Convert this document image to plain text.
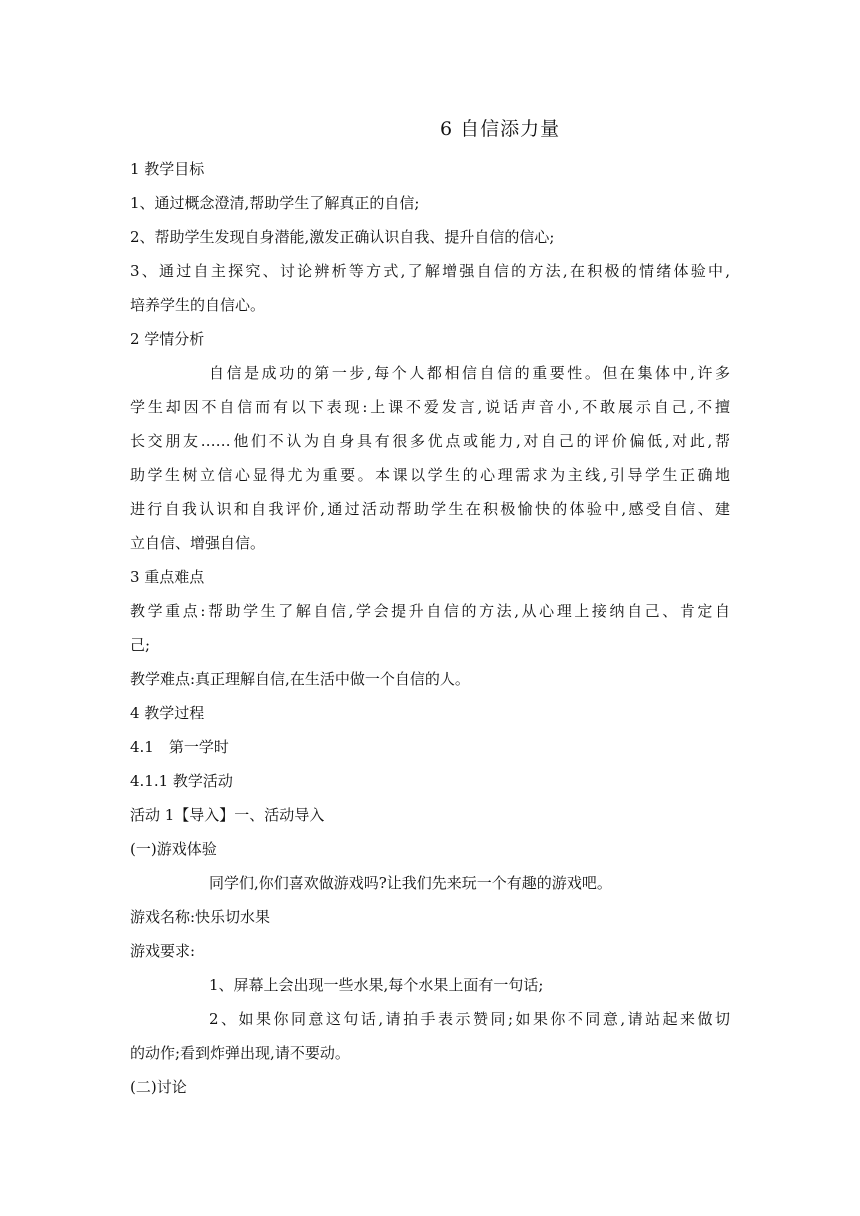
6 自信添力量
1 教学目标
1、通过概念澄清,帮助学生了解真正的自信;
2、帮助学生发现自身潜能,激发正确认识自我、提升自信的信心;
3、通过自主探究、讨论辨析等方式,了解增强自信的方法,在积极的情绪体验中,
培养学生的自信心。
2 学情分析
自信是成功的第一步,每个人都相信自信的重要性。但在集体中,许多
学生却因不自信而有以下表现:上课不爱发言,说话声音小,不敢展示自己,不擅
长交朋友……他们不认为自身具有很多优点或能力,对自己的评价偏低,对此,帮
助学生树立信心显得尤为重要。本课以学生的心理需求为主线,引导学生正确地
进行自我认识和自我评价,通过活动帮助学生在积极愉快的体验中,感受自信、建
立自信、增强自信。
3 重点难点
教学重点:帮助学生了解自信,学会提升自信的方法,从心理上接纳自己、肯定自
己;
教学难点:真正理解自信,在生活中做一个自信的人。
4 教学过程
4.1　第一学时
4.1.1 教学活动
活动 1【导入】一、活动导入
(一)游戏体验
同学们,你们喜欢做游戏吗?让我们先来玩一个有趣的游戏吧。
游戏名称:快乐切水果
游戏要求:
1、屏幕上会出现一些水果,每个水果上面有一句话;
2、如果你同意这句话,请拍手表示赞同;如果你不同意,请站起来做切
的动作;看到炸弹出现,请不要动。
(二)讨论
